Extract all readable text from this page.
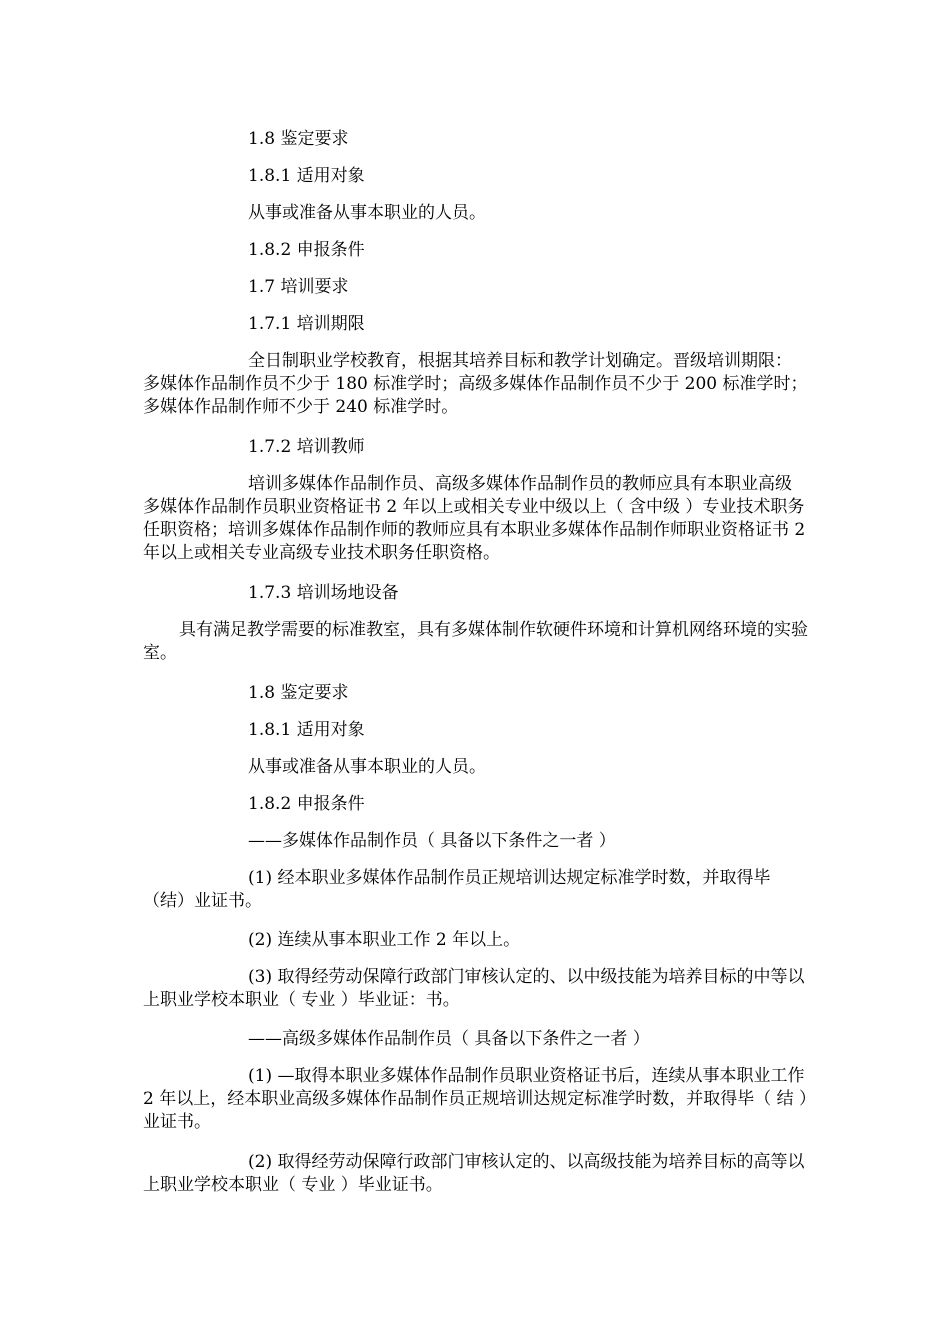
1.8 鉴定要求

1.8.1 适用对象

从事或准备从事本职业的人员。

1.8.2 申报条件

1.7 培训要求

1.7.1 培训期限

全日制职业学校教育，根据其培养目标和教学计划确定。晋级培训期限：多媒体作品制作员不少于 180 标准学时；高级多媒体作品制作员不少于 200 标准学时；多媒体作品制作师不少于 240 标准学时。

1.7.2 培训教师

培训多媒体作品制作员、高级多媒体作品制作员的教师应具有本职业高级多媒体作品制作员职业资格证书 2 年以上或相关专业中级以上（ 含中级 ）专业技术职务任职资格；培训多媒体作品制作师的教师应具有本职业多媒体作品制作师职业资格证书 2 年以上或相关专业高级专业技术职务任职资格。

1.7.3 培训场地设备

具有满足教学需要的标准教室，具有多媒体制作软硬件环境和计算机网络环境的实验室。

1.8 鉴定要求

1.8.1 适用对象

从事或准备从事本职业的人员。

1.8.2 申报条件

——多媒体作品制作员（ 具备以下条件之一者 ）

(1) 经本职业多媒体作品制作员正规培训达规定标准学时数，并取得毕（结）业证书。

(2) 连续从事本职业工作 2 年以上。

(3) 取得经劳动保障行政部门审核认定的、以中级技能为培养目标的中等以上职业学校本职业（ 专业 ）毕业证：书。

——高级多媒体作品制作员（ 具备以下条件之一者 ）

(1) —取得本职业多媒体作品制作员职业资格证书后，连续从事本职业工作 2 年以上，经本职业高级多媒体作品制作员正规培训达规定标准学时数，并取得毕（ 结 ）业证书。

(2) 取得经劳动保障行政部门审核认定的、以高级技能为培养目标的高等以上职业学校本职业（ 专业 ）毕业证书。
